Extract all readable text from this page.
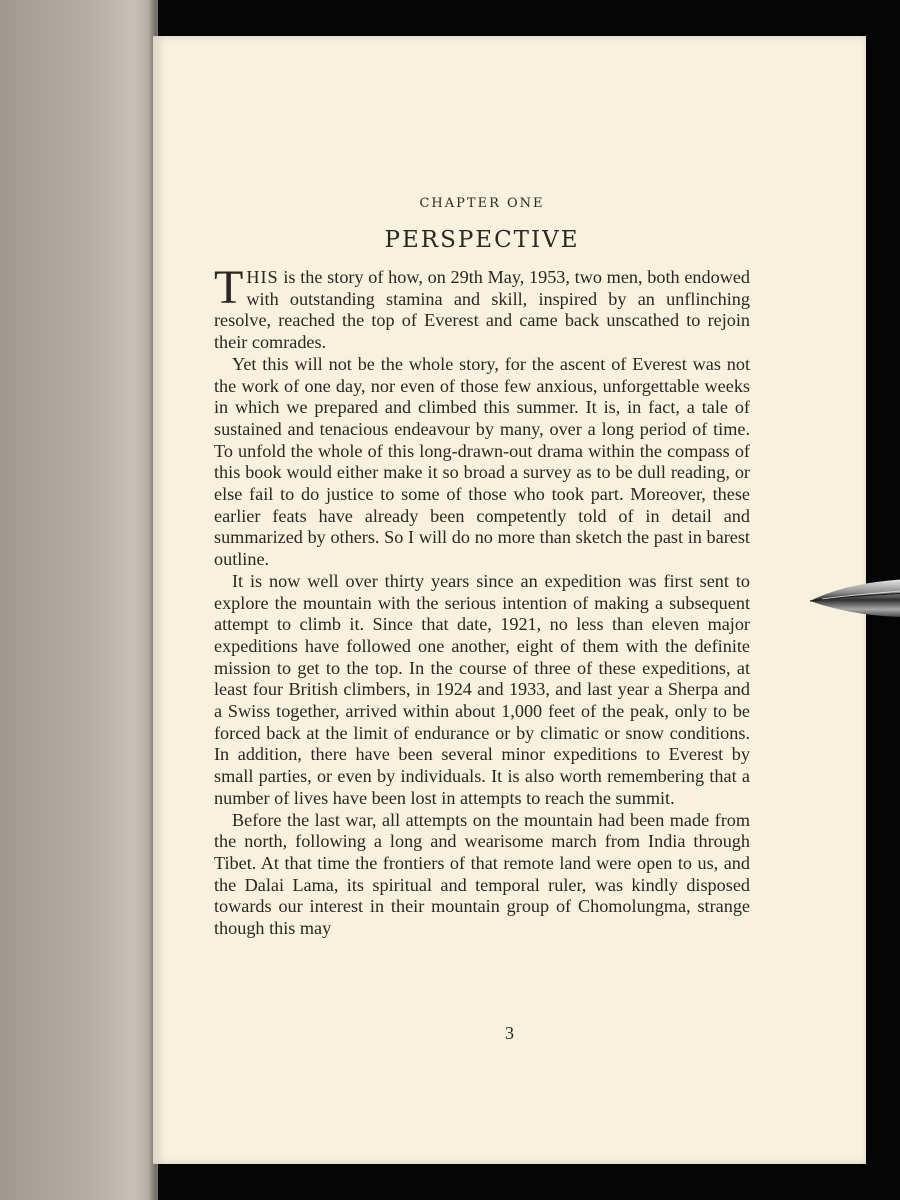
CHAPTER ONE
PERSPECTIVE

THIS is the story of how, on 29th May, 1953, two men, both endowed with outstanding stamina and skill, inspired by an unflinching resolve, reached the top of Everest and came back unscathed to rejoin their comrades.

Yet this will not be the whole story, for the ascent of Everest was not the work of one day, nor even of those few anxious, unforgettable weeks in which we prepared and climbed this summer. It is, in fact, a tale of sustained and tenacious endeavour by many, over a long period of time. To unfold the whole of this long-drawn-out drama within the compass of this book would either make it so broad a survey as to be dull reading, or else fail to do justice to some of those who took part. Moreover, these earlier feats have already been competently told of in detail and summarized by others. So I will do no more than sketch the past in barest outline.

It is now well over thirty years since an expedition was first sent to explore the mountain with the serious intention of making a subsequent attempt to climb it. Since that date, 1921, no less than eleven major expeditions have followed one another, eight of them with the definite mission to get to the top. In the course of three of these expeditions, at least four British climbers, in 1924 and 1933, and last year a Sherpa and a Swiss together, arrived within about 1,000 feet of the peak, only to be forced back at the limit of endurance or by climatic or snow conditions. In addition, there have been several minor expeditions to Everest by small parties, or even by individuals. It is also worth remembering that a number of lives have been lost in attempts to reach the summit.

Before the last war, all attempts on the mountain had been made from the north, following a long and wearisome march from India through Tibet. At that time the frontiers of that remote land were open to us, and the Dalai Lama, its spiritual and temporal ruler, was kindly disposed towards our interest in their mountain group of Chomolungma, strange though this may

3
